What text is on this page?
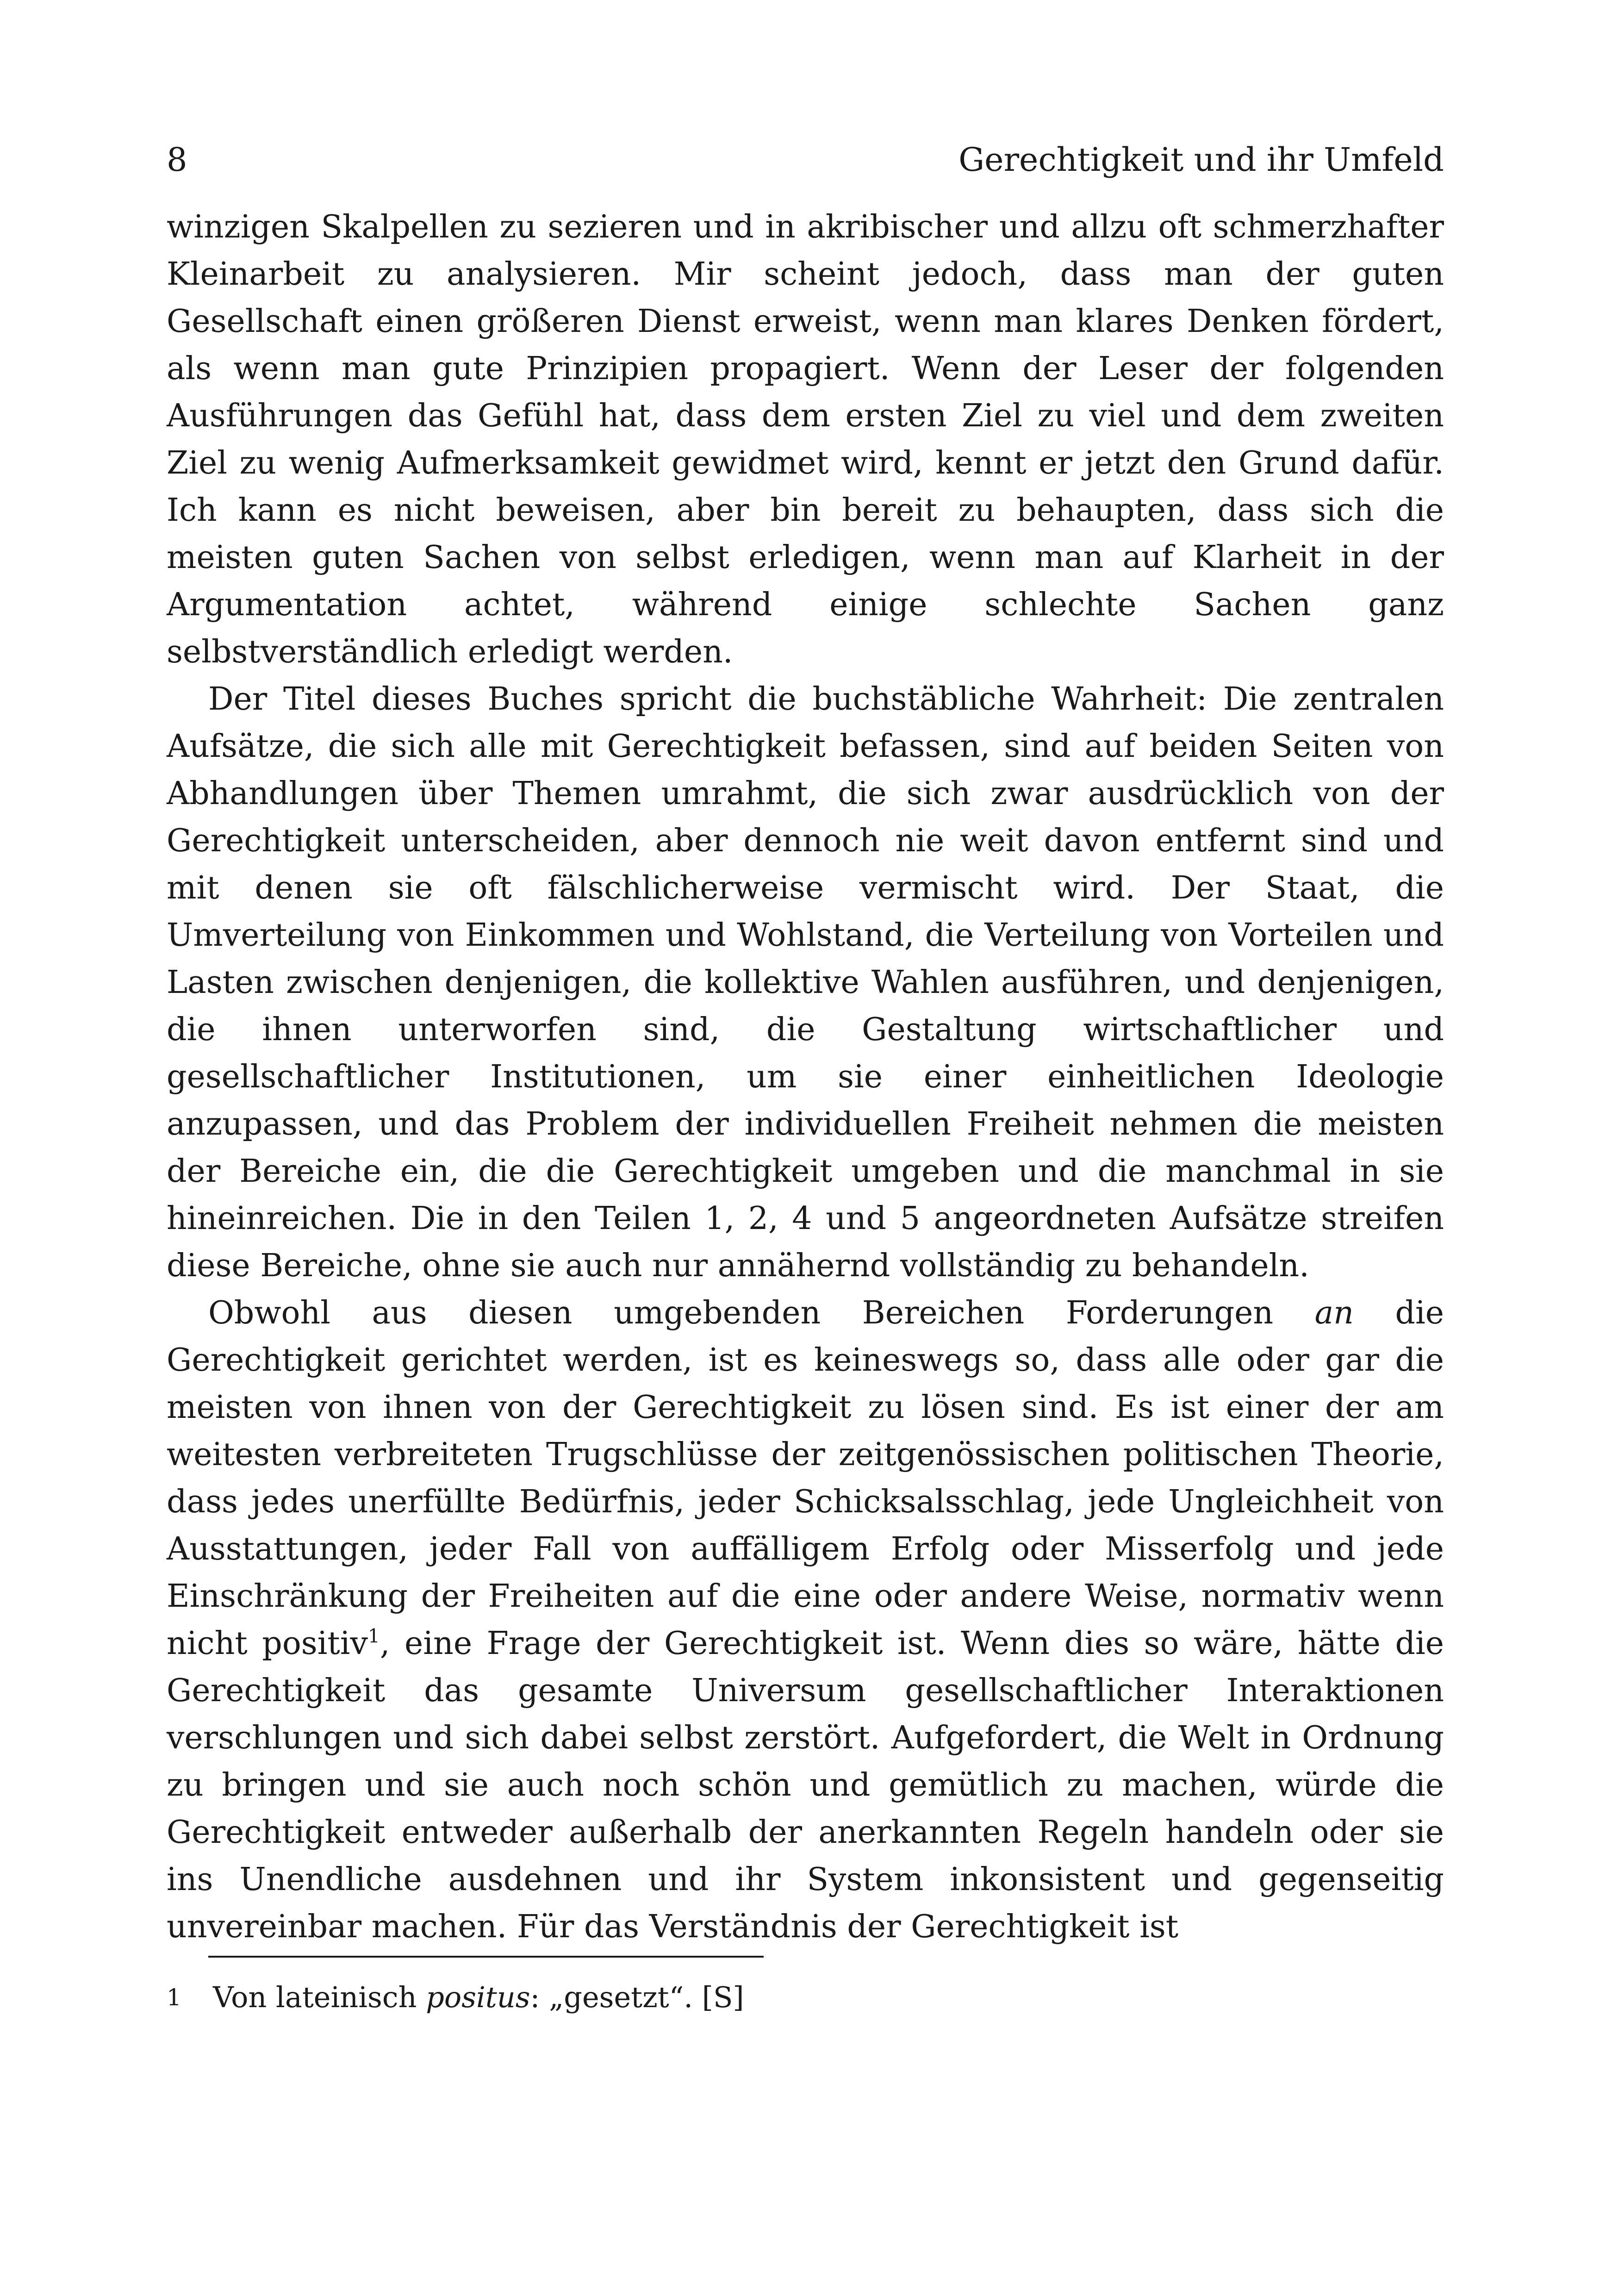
8	Gerechtigkeit und ihr Umfeld

winzigen Skalpellen zu sezieren und in akribischer und allzu oft schmerzhafter Kleinarbeit zu analysieren. Mir scheint jedoch, dass man der guten Gesellschaft einen größeren Dienst erweist, wenn man klares Denken fördert, als wenn man gute Prinzipien propagiert. Wenn der Leser der folgenden Ausführungen das Gefühl hat, dass dem ersten Ziel zu viel und dem zweiten Ziel zu wenig Aufmerksamkeit gewidmet wird, kennt er jetzt den Grund dafür. Ich kann es nicht beweisen, aber bin bereit zu behaupten, dass sich die meisten guten Sachen von selbst erledigen, wenn man auf Klarheit in der Argumentation achtet, während einige schlechte Sachen ganz selbstverständlich erledigt werden.

Der Titel dieses Buches spricht die buchstäbliche Wahrheit: Die zentralen Aufsätze, die sich alle mit Gerechtigkeit befassen, sind auf beiden Seiten von Abhandlungen über Themen umrahmt, die sich zwar ausdrücklich von der Gerechtigkeit unterscheiden, aber dennoch nie weit davon entfernt sind und mit denen sie oft fälschlicherweise vermischt wird. Der Staat, die Umverteilung von Einkommen und Wohlstand, die Verteilung von Vorteilen und Lasten zwischen denjenigen, die kollektive Wahlen ausführen, und denjenigen, die ihnen unterworfen sind, die Gestaltung wirtschaftlicher und gesellschaftlicher Institutionen, um sie einer einheitlichen Ideologie anzupassen, und das Problem der individuellen Freiheit nehmen die meisten der Bereiche ein, die die Gerechtigkeit umgeben und die manchmal in sie hineinreichen. Die in den Teilen 1, 2, 4 und 5 angeordneten Aufsätze streifen diese Bereiche, ohne sie auch nur annähernd vollständig zu behandeln.

Obwohl aus diesen umgebenden Bereichen Forderungen an die Gerechtigkeit gerichtet werden, ist es keineswegs so, dass alle oder gar die meisten von ihnen von der Gerechtigkeit zu lösen sind. Es ist einer der am weitesten verbreiteten Trugschlüsse der zeitgenössischen politischen Theorie, dass jedes unerfüllte Bedürfnis, jeder Schicksalsschlag, jede Ungleichheit von Ausstattungen, jeder Fall von auffälligem Erfolg oder Misserfolg und jede Einschränkung der Freiheiten auf die eine oder andere Weise, normativ wenn nicht positiv$^1$, eine Frage der Gerechtigkeit ist. Wenn dies so wäre, hätte die Gerechtigkeit das gesamte Universum gesellschaftlicher Interaktionen verschlungen und sich dabei selbst zerstört. Aufgefordert, die Welt in Ordnung zu bringen und sie auch noch schön und gemütlich zu machen, würde die Gerechtigkeit entweder außerhalb der anerkannten Regeln handeln oder sie ins Unendliche ausdehnen und ihr System inkonsistent und gegenseitig unvereinbar machen. Für das Verständnis der Gerechtigkeit ist

1 Von lateinisch positus: „gesetzt“. [S]
